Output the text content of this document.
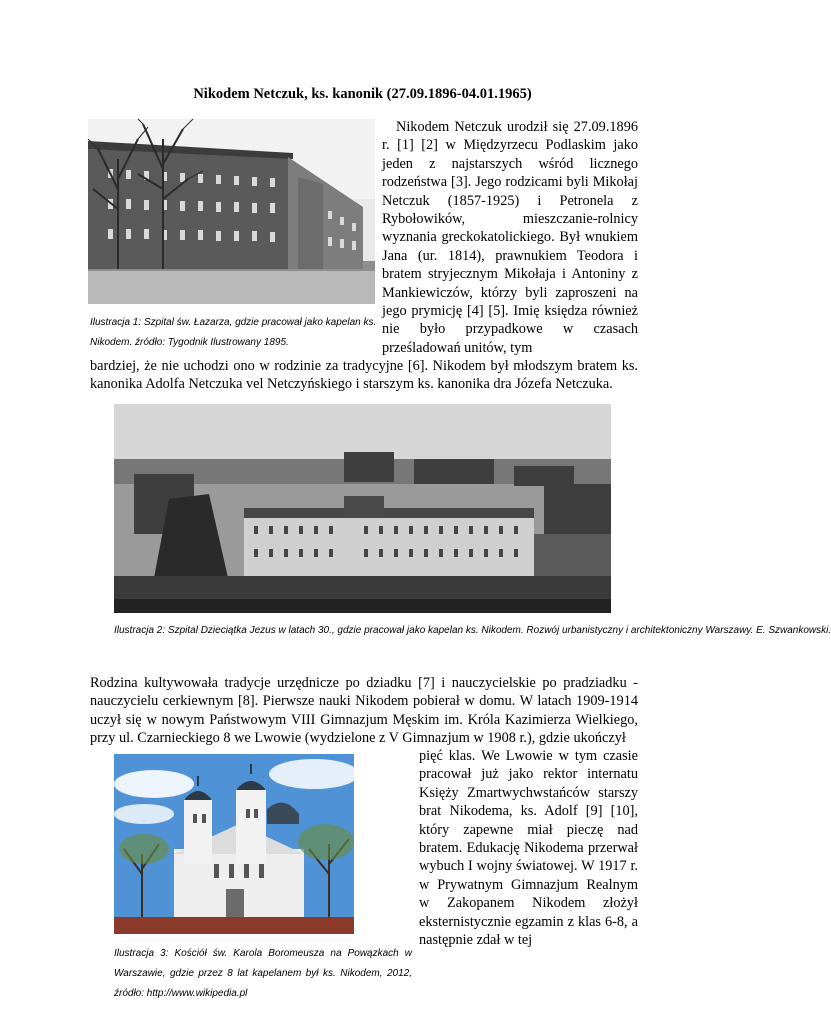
Nikodem Netczuk, ks. kanonik (27.09.1896-04.01.1965)
Nikodem Netczuk urodził się 27.09.1896 r. [1] [2] w Międzyrzecu Podlaskim jako jeden z najstarszych wśród licznego rodzeństwa [3]. Jego rodzicami byli Mikołaj Netczuk (1857-1925) i Petronela z Rybołowików, mieszczanie-rolnicy wyznania greckokatolickiego. Był wnukiem Jana (ur. 1814), prawnukiem Teodora i bratem stryjecznym Mikołaja i Antoniny z Mankiewiczów, którzy byli zaproszeni na jego prymicję [4] [5]. Imię księdza również nie było przypadkowe w czasach prześladowań unitów, tym
Ilustracja 1: Szpital św. Łazarza, gdzie pracował jako kapelan ks. Nikodem. źródło: Tygodnik Ilustrowany 1895.
bardziej, że nie uchodzi ono w rodzinie za tradycyjne [6]. Nikodem był młodszym bratem ks. kanonika Adolfa Netczuka vel Netczyńskiego i starszym ks. kanonika dra Józefa Netczuka.
Ilustracja 2: Szpital Dzieciątka Jezus w latach 30., gdzie pracował jako kapelan ks. Nikodem. Rozwój urbanistyczny i architektoniczny Warszawy. E. Szwankowski.
Rodzina kultywowała tradycje urzędnicze po dziadku [7] i nauczycielskie po pradziadku - nauczycielu cerkiewnym [8]. Pierwsze nauki Nikodem pobierał w domu. W latach 1909-1914 uczył się w nowym Państwowym VIII Gimnazjum Męskim im. Króla Kazimierza Wielkiego, przy ul. Czarnieckiego 8 we Lwowie (wydzielone z V Gimnazjum w 1908 r.), gdzie ukończył
pięć klas. We Lwowie w tym czasie pracował już jako rektor internatu Księży Zmartwychwstańców starszy brat Nikodema, ks. Adolf [9] [10], który zapewne miał pieczę nad bratem. Edukację Nikodema przerwał wybuch I wojny światowej. W 1917 r. w Prywatnym Gimnazjum Realnym w Zakopanem Nikodem złożył eksternistycznie egzamin z klas 6-8, a następnie zdał w tej
Ilustracja 3: Kościół św. Karola Boromeusza na Powązkach w Warszawie, gdzie przez 8 lat kapelanem był ks. Nikodem, 2012, źródło: http://www.wikipedia.pl
